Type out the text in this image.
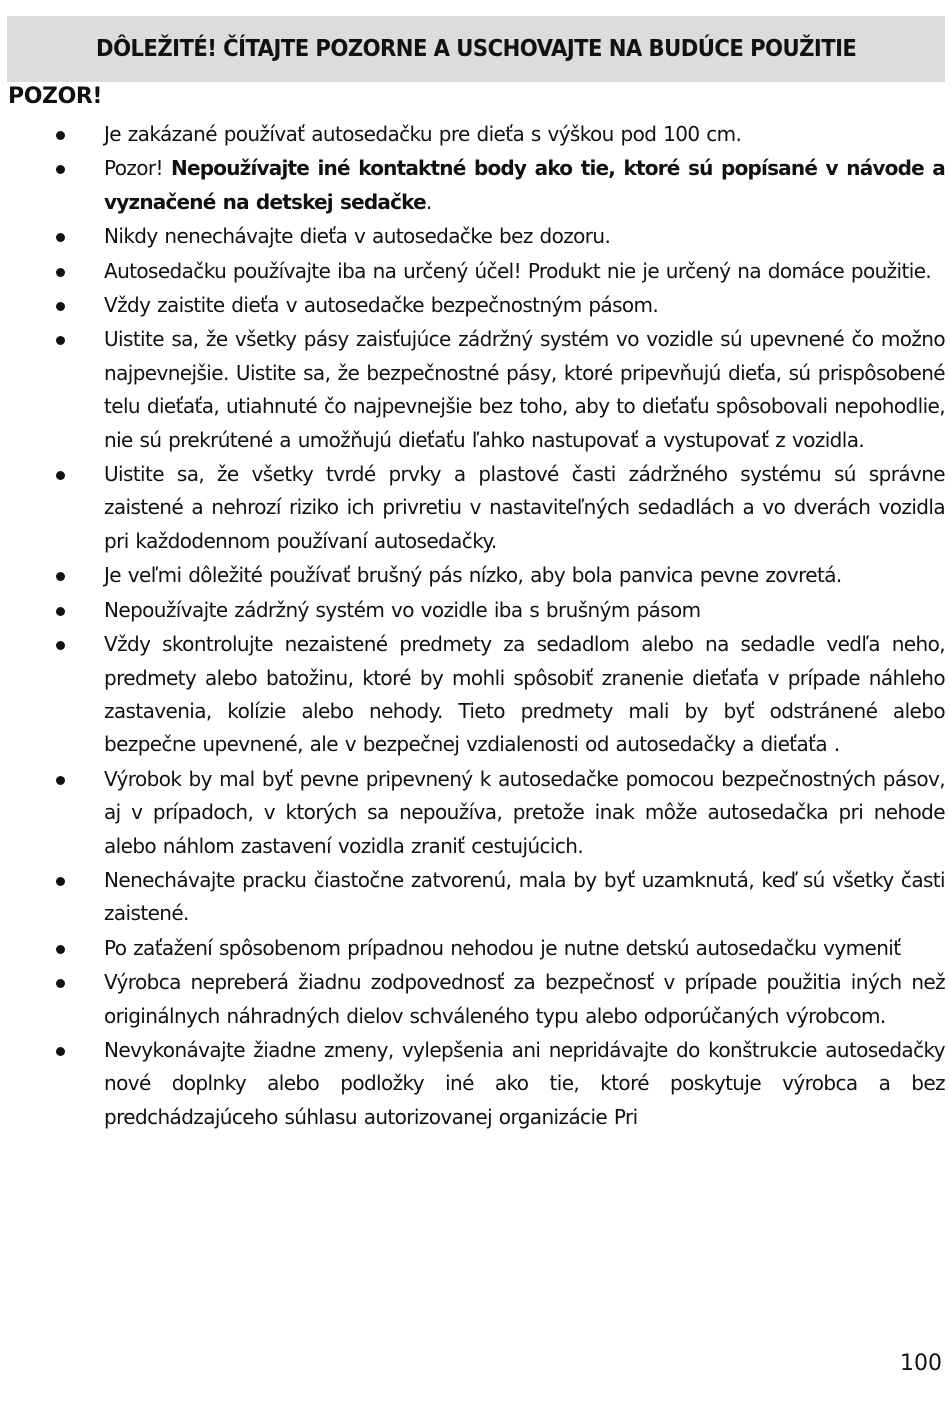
DÔLEŽITÉ! ČÍTAJTE POZORNE A USCHOVAJTE NA BUDÚCE POUŽITIE
POZOR!
Je zakázané používať autosedačku pre dieťa s výškou pod 100 cm.
Pozor! Nepoužívajte iné kontaktné body ako tie, ktoré sú popísané v návode a vyznačené na detskej sedačke.
Nikdy nenechávajte dieťa v autosedačke bez dozoru.
Autosedačku používajte iba na určený účel! Produkt nie je určený na domáce použitie.
Vždy zaistite dieťa v autosedačke bezpečnostným pásom.
Uistite sa, že všetky pásy zaisťujúce zádržný systém vo vozidle sú upevnené čo možno najpevnejšie. Uistite sa, že bezpečnostné pásy, ktoré pripevňujú dieťa, sú prispôsobené telu dieťaťa, utiahnuté čo najpevnejšie bez toho, aby to dieťaťu spôsobovali nepohodlie, nie sú prekrútené a umožňujú dieťaťu ľahko nastupovať a vystupovať z vozidla.
Uistite sa, že všetky tvrdé prvky a plastové časti zádržného systému sú správne zaistené a nehrozí riziko ich privretiu v nastaviteľných sedadlách a vo dverách vozidla pri každodennom používaní autosedačky.
Je veľmi dôležité používať brušný pás nízko, aby bola panvica pevne zovretá.
Nepoužívajte zádržný systém vo vozidle iba s brušným pásom
Vždy skontrolujte nezaistené predmety za sedadlom alebo na sedadle vedľa neho, predmety alebo batožinu, ktoré by mohli spôsobiť zranenie dieťaťa v prípade náhleho zastavenia, kolízie alebo nehody. Tieto predmety mali by byť odstránené alebo bezpečne upevnené, ale v bezpečnej vzdialenosti od autosedačky a dieťaťa .
Výrobok by mal byť pevne pripevnený k autosedačke pomocou bezpečnostných pásov, aj v prípadoch, v ktorých sa nepoužíva, pretože inak môže autosedačka pri nehode alebo náhlom zastavení vozidla zraniť cestujúcich.
Nenechávajte pracku čiastočne zatvorenú, mala by byť uzamknutá, keď sú všetky časti zaistené.
Po zaťažení spôsobenom prípadnou nehodou je nutne detskú autosedačku vymeniť
Výrobca nepreberá žiadnu zodpovednosť za bezpečnosť v prípade použitia iných než originálnych náhradných dielov schváleného typu alebo odporúčaných výrobcom.
Nevykonávajte žiadne zmeny, vylepšenia ani nepridávajte do konštrukcie autosedačky nové doplnky alebo podložky iné ako tie, ktoré poskytuje výrobca a bez predchádzajúceho súhlasu autorizovanej organizácie Pri
100
